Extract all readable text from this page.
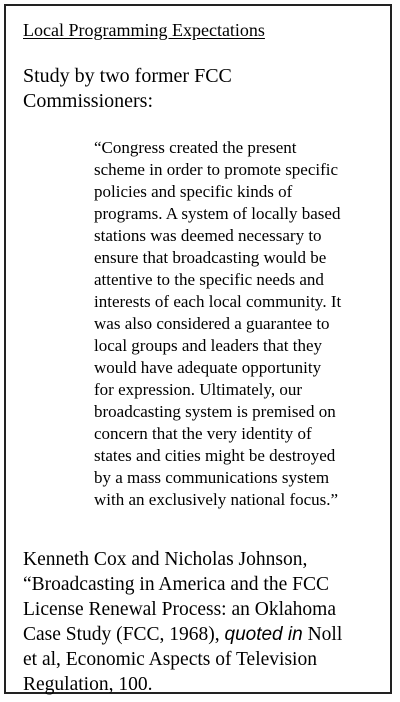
Local Programming Expectations
Study by two former FCC Commissioners:
“Congress created the present
scheme in order to promote specific
policies and specific kinds of
programs. A system of locally based
stations was deemed necessary to
ensure that broadcasting would be
attentive to the specific needs and
interests of each local community. It
was also considered a guarantee to
local groups and leaders that they
would have adequate opportunity
for expression. Ultimately, our
broadcasting system is premised on
concern that the very identity of
states and cities might be destroyed
by a mass communications system
with an exclusively national focus.”
Kenneth Cox and Nicholas Johnson,
“Broadcasting in America and the FCC
License Renewal Process: an Oklahoma
Case Study (FCC, 1968), quoted in Noll
et al, Economic Aspects of Television
Regulation, 100.
